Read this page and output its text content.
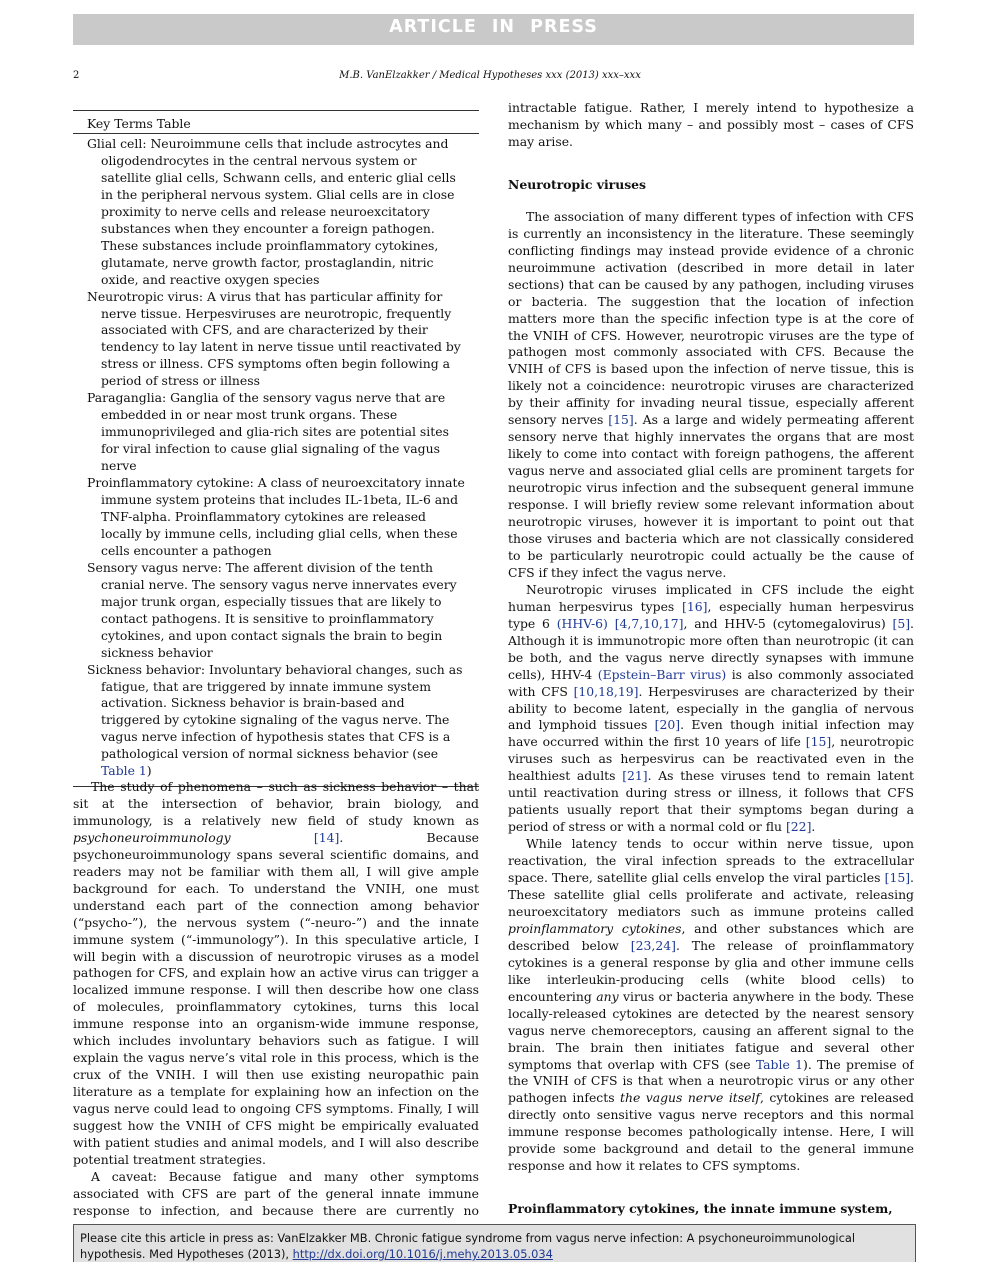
ARTICLE IN PRESS
2	M.B. VanElzakker / Medical Hypotheses xxx (2013) xxx–xxx
Key Terms Table

Glial cell: Neuroimmune cells that include astrocytes and oligodendrocytes in the central nervous system or satellite glial cells, Schwann cells, and enteric glial cells in the peripheral nervous system. Glial cells are in close proximity to nerve cells and release neuroexcitatory substances when they encounter a foreign pathogen. These substances include proinflammatory cytokines, glutamate, nerve growth factor, prostaglandin, nitric oxide, and reactive oxygen species

Neurotropic virus: A virus that has particular affinity for nerve tissue. Herpesviruses are neurotropic, frequently associated with CFS, and are characterized by their tendency to lay latent in nerve tissue until reactivated by stress or illness. CFS symptoms often begin following a period of stress or illness

Paraganglia: Ganglia of the sensory vagus nerve that are embedded in or near most trunk organs. These immunoprivileged and glia-rich sites are potential sites for viral infection to cause glial signaling of the vagus nerve

Proinflammatory cytokine: A class of neuroexcitatory innate immune system proteins that includes IL-1beta, IL-6 and TNF-alpha. Proinflammatory cytokines are released locally by immune cells, including glial cells, when these cells encounter a pathogen

Sensory vagus nerve: The afferent division of the tenth cranial nerve. The sensory vagus nerve innervates every major trunk organ, especially tissues that are likely to contact pathogens. It is sensitive to proinflammatory cytokines, and upon contact signals the brain to begin sickness behavior

Sickness behavior: Involuntary behavioral changes, such as fatigue, that are triggered by innate immune system activation. Sickness behavior is brain-based and triggered by cytokine signaling of the vagus nerve. The vagus nerve infection of hypothesis states that CFS is a pathological version of normal sickness behavior (see Table 1)

The study of phenomena – such as sickness behavior – that sit at the intersection of behavior, brain biology, and immunology, is a relatively new field of study known as psychoneuroimmunology	[14]. Because psychoneuroimmunology spans several scientific domains, and readers may not be familiar with them all, I will give ample background for each. To understand the VNIH, one must understand each part of the connection among behavior (“psycho-”), the nervous system (“-neuro-”) and the innate immune system (“-immunology”). In this speculative article, I will begin with a discussion of neurotropic viruses as a model pathogen for CFS, and explain how an active virus can trigger a localized immune response. I will then describe how one class of molecules, proinflammatory cytokines, turns this local immune response into an organism-wide immune response, which includes involuntary behaviors such as fatigue. I will explain the vagus nerve’s vital role in this process, which is the crux of the VNIH. I will then use existing neuropathic pain literature as a template for explaining how an infection on the vagus nerve could lead to ongoing CFS symptoms. Finally, I will suggest how the VNIH of CFS might be empirically evaluated with patient studies and animal models, and I will also describe potential treatment strategies.

A caveat: Because fatigue and many other symptoms associated with CFS are part of the general innate immune response to infection, and because there are currently no

intractable fatigue. Rather, I merely intend to hypothesize a mechanism by which many – and possibly most – cases of CFS may arise.

Neurotropic viruses

The association of many different types of infection with CFS is currently an inconsistency in the literature. These seemingly conflicting findings may instead provide evidence of a chronic neuroimmune activation (described in more detail in later sections) that can be caused by any pathogen, including viruses or bacteria. The suggestion that the location of infection matters more than the specific infection type is at the core of the VNIH of CFS. However, neurotropic viruses are the type of pathogen most commonly associated with CFS. Because the VNIH of CFS is based upon the infection of nerve tissue, this is likely not a coincidence: neurotropic viruses are characterized by their affinity for invading neural tissue, especially afferent sensory nerves [15]. As a large and widely permeating afferent sensory nerve that highly innervates the organs that are most likely to come into contact with foreign pathogens, the afferent vagus nerve and associated glial cells are prominent targets for neurotropic virus infection and the subsequent general immune response. I will briefly review some relevant information about neurotropic viruses, however it is important to point out that those viruses and bacteria which are not classically considered to be particularly neurotropic could actually be the cause of CFS if they infect the vagus nerve.

Neurotropic viruses implicated in CFS include the eight human herpesvirus types [16], especially human herpesvirus type 6 (HHV-6) [4,7,10,17], and HHV-5 (cytomegalovirus) [5]. Although it is immunotropic more often than neurotropic (it can be both, and the vagus nerve directly synapses with immune cells), HHV-4 (Epstein–Barr virus) is also commonly associated with CFS [10,18,19]. Herpesviruses are characterized by their ability to become latent, especially in the ganglia of nervous and lymphoid tissues [20]. Even though initial infection may have occurred within the first 10 years of life [15], neurotropic viruses such as herpesvirus can be reactivated even in the healthiest adults [21]. As these viruses tend to remain latent until reactivation during stress or illness, it follows that CFS patients usually report that their symptoms began during a period of stress or with a normal cold or flu [22].

While latency tends to occur within nerve tissue, upon reactivation, the viral infection spreads to the extracellular space. There, satellite glial cells envelop the viral particles [15]. These satellite glial cells proliferate and activate, releasing neuroexcitatory mediators such as immune proteins called proinflammatory cytokines, and other substances which are described below [23,24]. The release of proinflammatory cytokines is a general response by glia and other immune cells like interleukin-producing cells (white blood cells) to encountering any virus or bacteria anywhere in the body. These locally-released cytokines are detected by the nearest sensory vagus nerve chemoreceptors, causing an afferent signal to the brain. The brain then initiates fatigue and several other symptoms that overlap with CFS (see Table 1). The premise of the VNIH of CFS is that when a neurotropic virus or any other pathogen infects the vagus nerve itself, cytokines are released directly onto sensitive vagus nerve receptors and this normal immune response becomes pathologically intense. Here, I will provide some background and detail to the general immune response and how it relates to CFS symptoms.

Proinflammatory cytokines, the innate immune system,

Please cite this article in press as: VanElzakker MB. Chronic fatigue syndrome from vagus nerve infection: A psychoneuroimmunological hypothesis. Med Hypotheses (2013), http://dx.doi.org/10.1016/j.mehy.2013.05.034
